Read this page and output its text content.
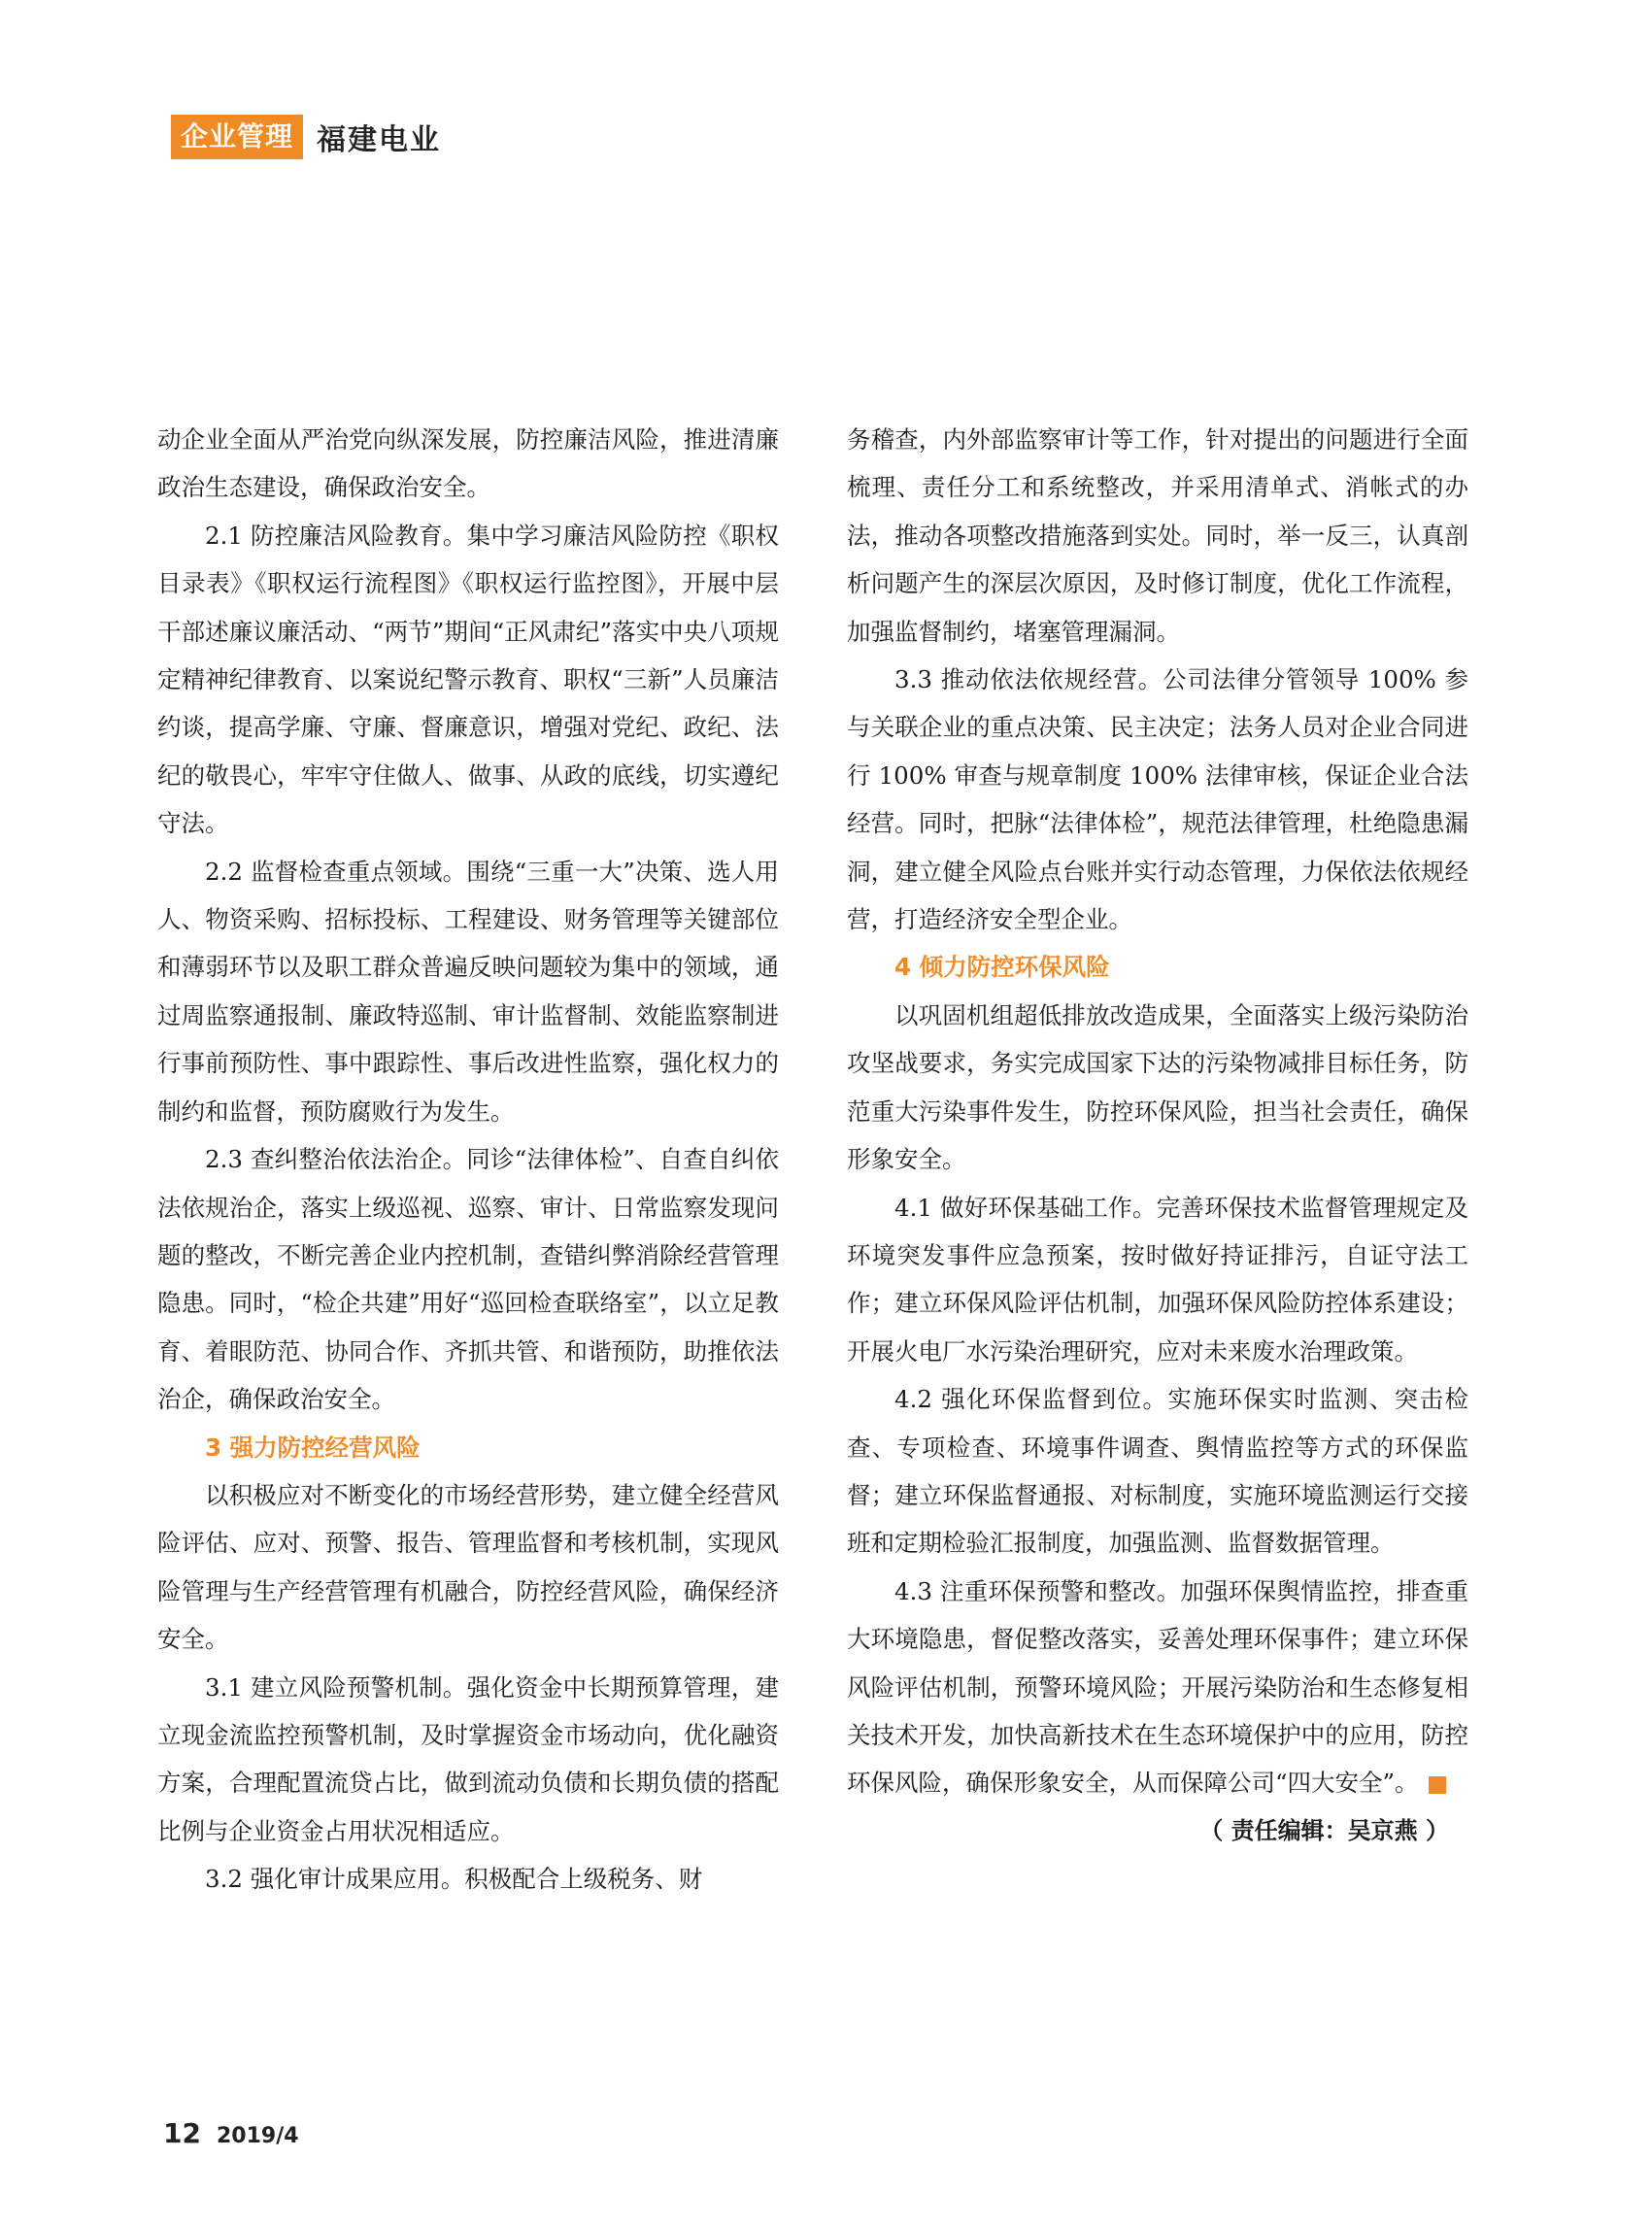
企业管理 福建电业

动企业全面从严治党向纵深发展，防控廉洁风险，推进清廉政治生态建设，确保政治安全。

2.1 防控廉洁风险教育。集中学习廉洁风险防控《职权目录表》《职权运行流程图》《职权运行监控图》，开展中层干部述廉议廉活动、“两节”期间“正风肃纪”落实中央八项规定精神纪律教育、以案说纪警示教育、职权“三新”人员廉洁约谈，提高学廉、守廉、督廉意识，增强对党纪、政纪、法纪的敬畏心，牢牢守住做人、做事、从政的底线，切实遵纪守法。

2.2 监督检查重点领域。围绕“三重一大”决策、选人用人、物资采购、招标投标、工程建设、财务管理等关键部位和薄弱环节以及职工群众普遍反映问题较为集中的领域，通过周监察通报制、廉政特巡制、审计监督制、效能监察制进行事前预防性、事中跟踪性、事后改进性监察，强化权力的制约和监督，预防腐败行为发生。

2.3 查纠整治依法治企。同诊“法律体检”、自查自纠依法依规治企，落实上级巡视、巡察、审计、日常监察发现问题的整改，不断完善企业内控机制，查错纠弊消除经营管理隐患。同时，“检企共建”用好“巡回检查联络室”，以立足教育、着眼防范、协同合作、齐抓共管、和谐预防，助推依法治企，确保政治安全。

3 强力防控经营风险

以积极应对不断变化的市场经营形势，建立健全经营风险评估、应对、预警、报告、管理监督和考核机制，实现风险管理与生产经营管理有机融合，防控经营风险，确保经济安全。

3.1 建立风险预警机制。强化资金中长期预算管理，建立现金流监控预警机制，及时掌握资金市场动向，优化融资方案，合理配置流贷占比，做到流动负债和长期负债的搭配比例与企业资金占用状况相适应。

3.2 强化审计成果应用。积极配合上级税务、财

务稽查，内外部监察审计等工作，针对提出的问题进行全面梳理、责任分工和系统整改，并采用清单式、消帐式的办法，推动各项整改措施落到实处。同时，举一反三，认真剖析问题产生的深层次原因，及时修订制度，优化工作流程，加强监督制约，堵塞管理漏洞。

3.3 推动依法依规经营。公司法律分管领导 100% 参与关联企业的重点决策、民主决定；法务人员对企业合同进行 100% 审查与规章制度 100% 法律审核，保证企业合法经营。同时，把脉“法律体检”，规范法律管理，杜绝隐患漏洞，建立健全风险点台账并实行动态管理，力保依法依规经营，打造经济安全型企业。

4 倾力防控环保风险

以巩固机组超低排放改造成果，全面落实上级污染防治攻坚战要求，务实完成国家下达的污染物减排目标任务，防范重大污染事件发生，防控环保风险，担当社会责任，确保形象安全。

4.1 做好环保基础工作。完善环保技术监督管理规定及环境突发事件应急预案，按时做好持证排污，自证守法工作；建立环保风险评估机制，加强环保风险防控体系建设；开展火电厂水污染治理研究，应对未来废水治理政策。

4.2 强化环保监督到位。实施环保实时监测、突击检查、专项检查、环境事件调查、舆情监控等方式的环保监督；建立环保监督通报、对标制度，实施环境监测运行交接班和定期检验汇报制度，加强监测、监督数据管理。

4.3 注重环保预警和整改。加强环保舆情监控，排查重大环境隐患，督促整改落实，妥善处理环保事件；建立环保风险评估机制，预警环境风险；开展污染防治和生态修复相关技术开发，加快高新技术在生态环境保护中的应用，防控环保风险，确保形象安全，从而保障公司“四大安全”。

（ 责任编辑：吴京燕 ）

12 2019/4
